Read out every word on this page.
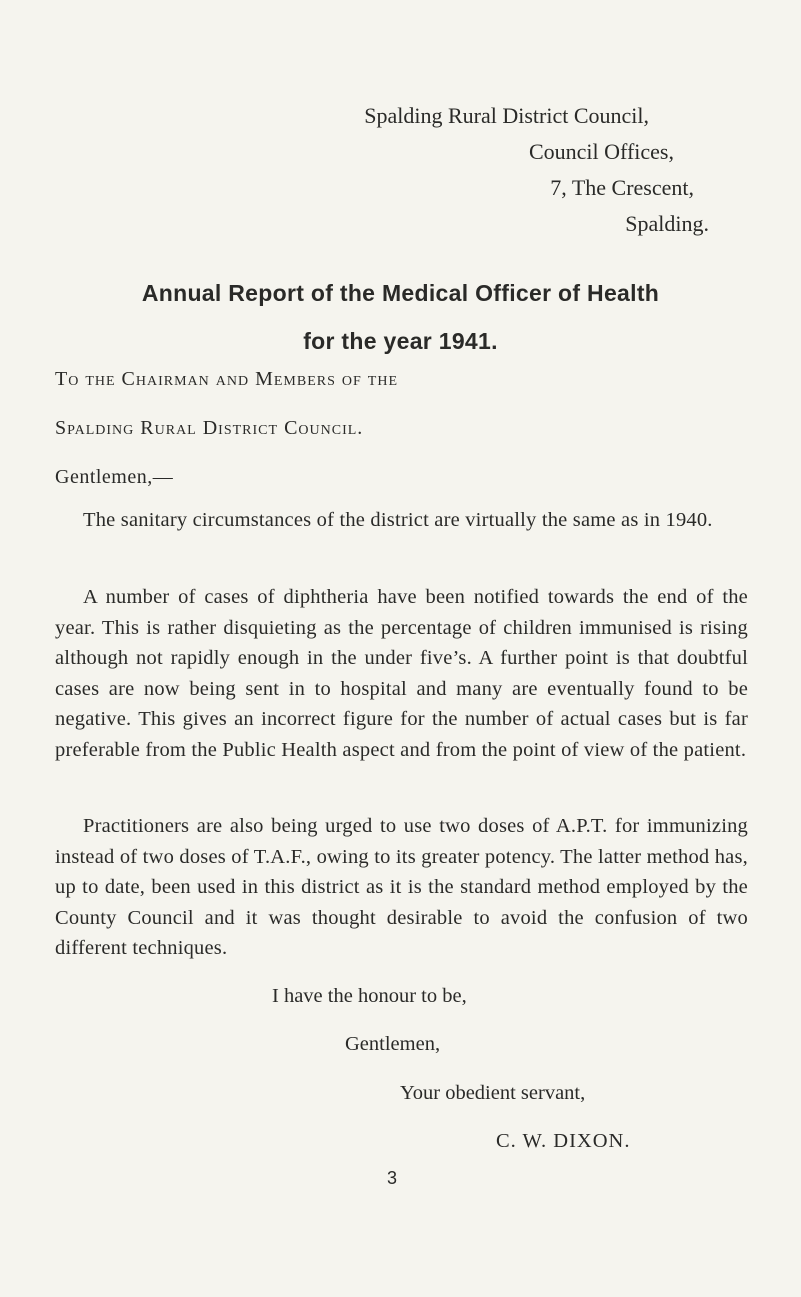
Spalding Rural District Council,
Council Offices,
7, The Crescent,
Spalding.
Annual Report of the Medical Officer of Health
for the year 1941.
To the Chairman and Members of the
Spalding Rural District Council.
Gentlemen,—

The sanitary circumstances of the district are virtually the same as in 1940.

A number of cases of diphtheria have been notified towards the end of the year. This is rather disquieting as the percentage of children immunised is rising although not rapidly enough in the under five’s. A further point is that doubtful cases are now being sent in to hospital and many are eventually found to be negative. This gives an incorrect figure for the number of actual cases but is far preferable from the Public Health aspect and from the point of view of the patient.

Practitioners are also being urged to use two doses of A.P.T. for immunizing instead of two doses of T.A.F., owing to its greater potency. The latter method has, up to date, been used in this district as it is the standard method employed by the County Council and it was thought desirable to avoid the confusion of two different techniques.

I have the honour to be,
Gentlemen,
Your obedient servant,
C. W. DIXON.
3
